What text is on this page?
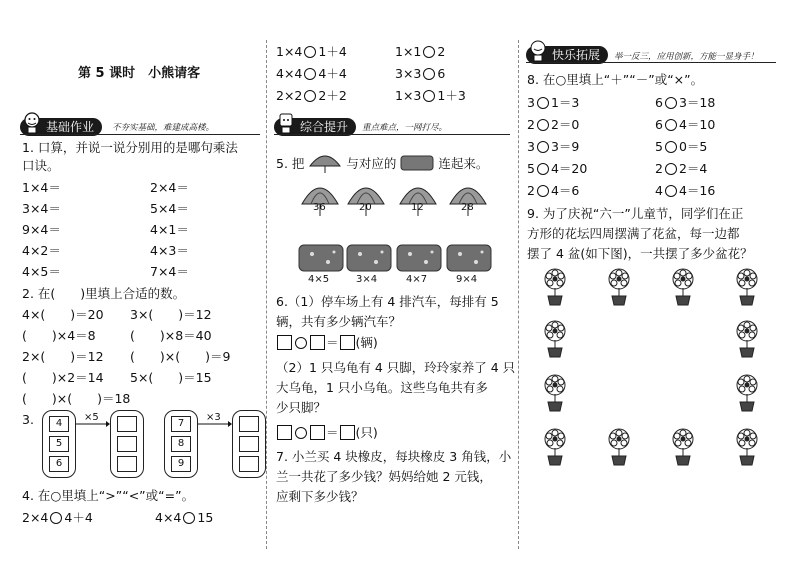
第 5 课时　小熊请客
基础作业	不夯实基础，难建成高楼。
1. 口算，并说一说分别用的是哪句乘法
口诀。
1×4＝	2×4＝
3×4＝	5×4＝
9×4＝	4×1＝
4×2＝	4×3＝
4×5＝	7×4＝
2. 在(　　)里填上合适的数。
4×(　　)＝20 3×(　　)＝12
(　　)×4＝8	(　　)×8＝40
2×(　　)＝12 (　　)×(　　)＝9
(　　)×2＝14 5×(　　)＝15
(　　)×(　　)＝18
3.	4
5
6
×5
7
8
9
×3
4. 在○里填上“>”“<”或“=”。
2×4 4＋4	4×4 15
1×4 1＋4	1×1 2
4×4 4＋4	3×3 6
2×2 2＋2	1×3 1＋3
综合提升	重点难点，一网打尽。
5. 把	与对应的	连起来。
36	20	12	28
4×5	3×4	4×7	9×4
6.（1）停车场上有 4 排汽车，每排有 5
辆，共有多少辆汽车？
＝ (辆)
（2）1 只乌龟有 4 只脚，玲玲家养了 4 只
大乌龟，1 只小乌龟。这些乌龟共有多
少只脚？
＝ (只)
7. 小兰买 4 块橡皮，每块橡皮 3 角钱，小
兰一共花了多少钱？妈妈给她 2 元钱，
应剩下多少钱？
快乐拓展	举一反三，应用创新，方能一显身手！
8. 在○里填上“＋”“－”或“×”。
3 1＝3	6 3＝18
2 2＝0	6 4＝10
3 3＝9	5 0＝5
5 4＝20	2 2＝4
2 4＝6	4 4＝16
9. 为了庆祝“六一”儿童节，同学们在正
方形的花坛四周摆满了花盆，每一边都
摆了 4 盆(如下图)，一共摆了多少盆花？
